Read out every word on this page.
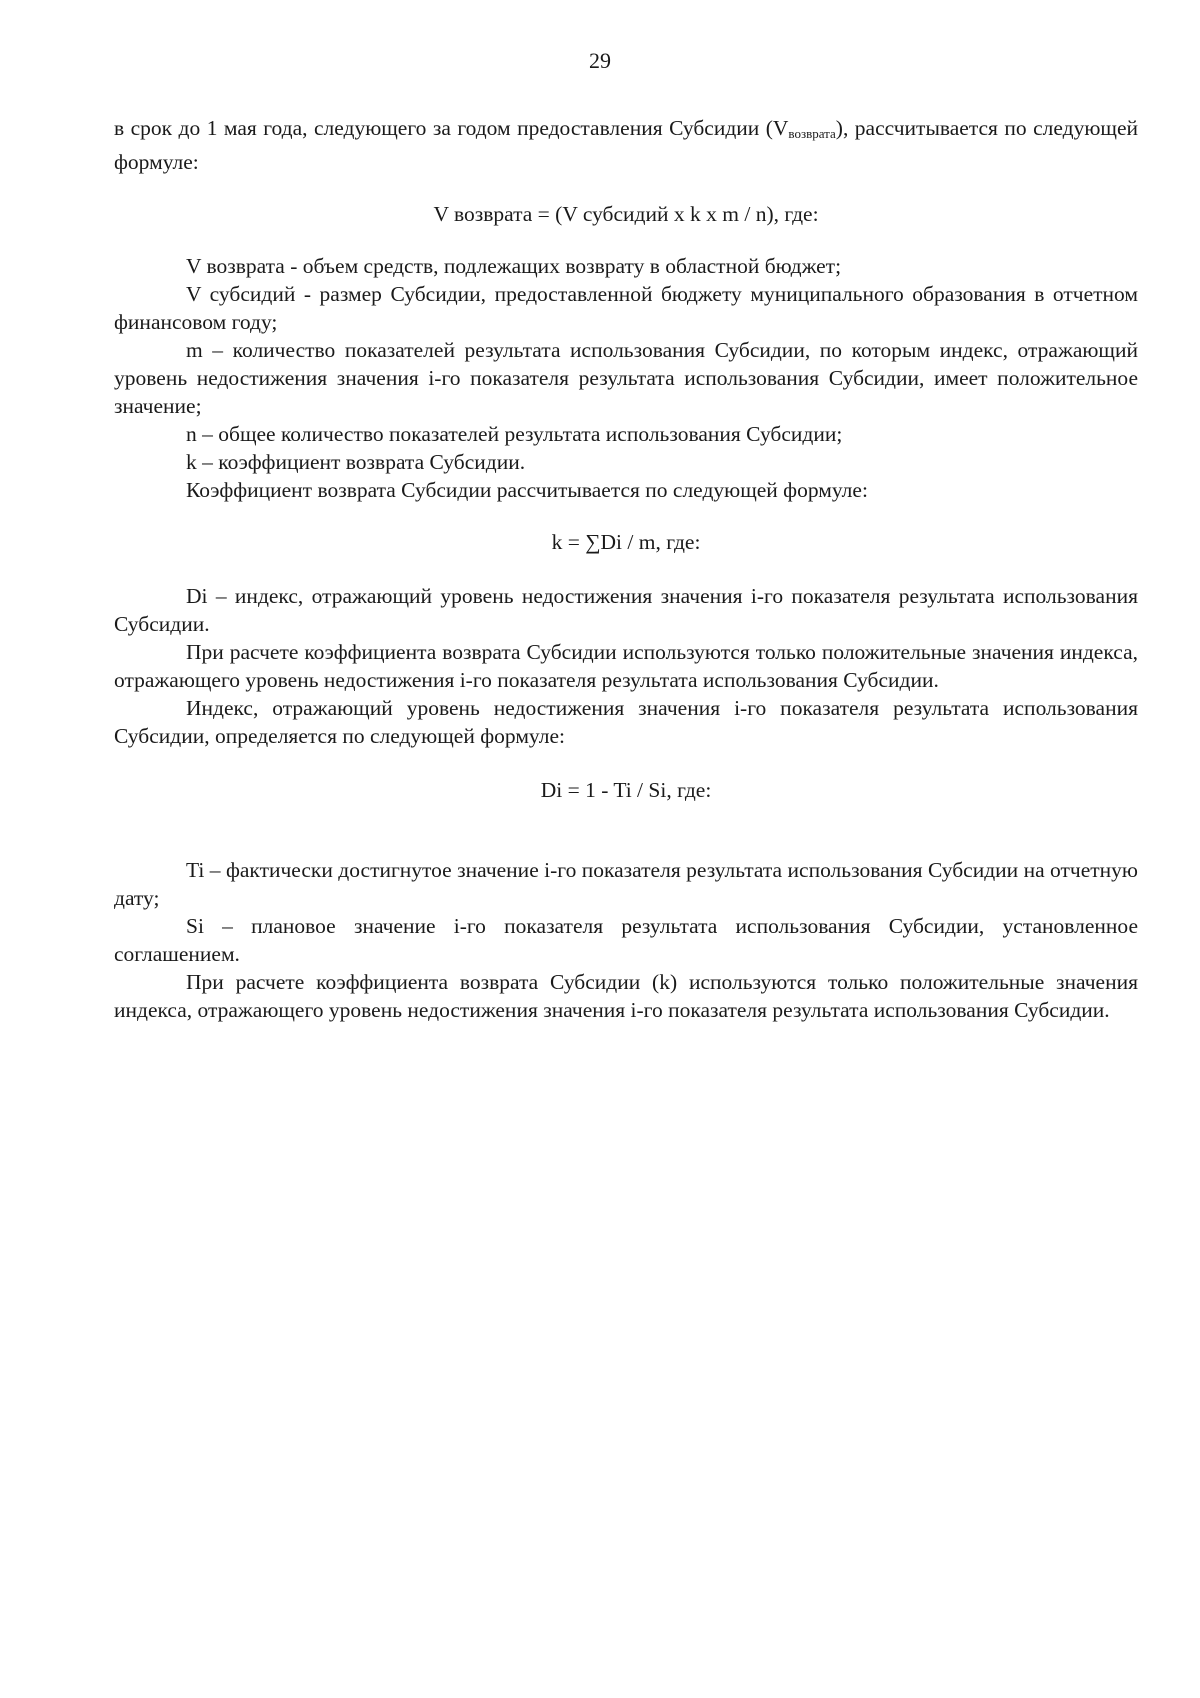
29

в срок до 1 мая года, следующего за годом предоставления Субсидии $(V_{возврата})$, рассчитывается по следующей формуле:

V возврата = (V субсидий x k x m / n), где:

V возврата - объем средств, подлежащих возврату в областной бюджет;

V субсидий - размер Субсидии, предоставленной бюджету муниципального образования в отчетном финансовом году;

m – количество показателей результата использования Субсидии, по которым индекс, отражающий уровень недостижения значения i-го показателя результата использования Субсидии, имеет положительное значение;

n – общее количество показателей результата использования Субсидии;

k – коэффициент возврата Субсидии.

Коэффициент возврата Субсидии рассчитывается по следующей формуле:

k = ∑Di / m, где:

Di – индекс, отражающий уровень недостижения значения i-го показателя результата использования Субсидии.

При расчете коэффициента возврата Субсидии используются только положительные значения индекса, отражающего уровень недостижения i-го показателя результата использования Субсидии.

Индекс, отражающий уровень недостижения значения i-го показателя результата использования Субсидии, определяется по следующей формуле:

Di = 1 - Ti / Si, где:

Ti – фактически достигнутое значение i-го показателя результата использования Субсидии на отчетную дату;

Si – плановое значение i-го показателя результата использования Субсидии, установленное соглашением.

При расчете коэффициента возврата Субсидии (k) используются только положительные значения индекса, отражающего уровень недостижения значения i-го показателя результата использования Субсидии.
